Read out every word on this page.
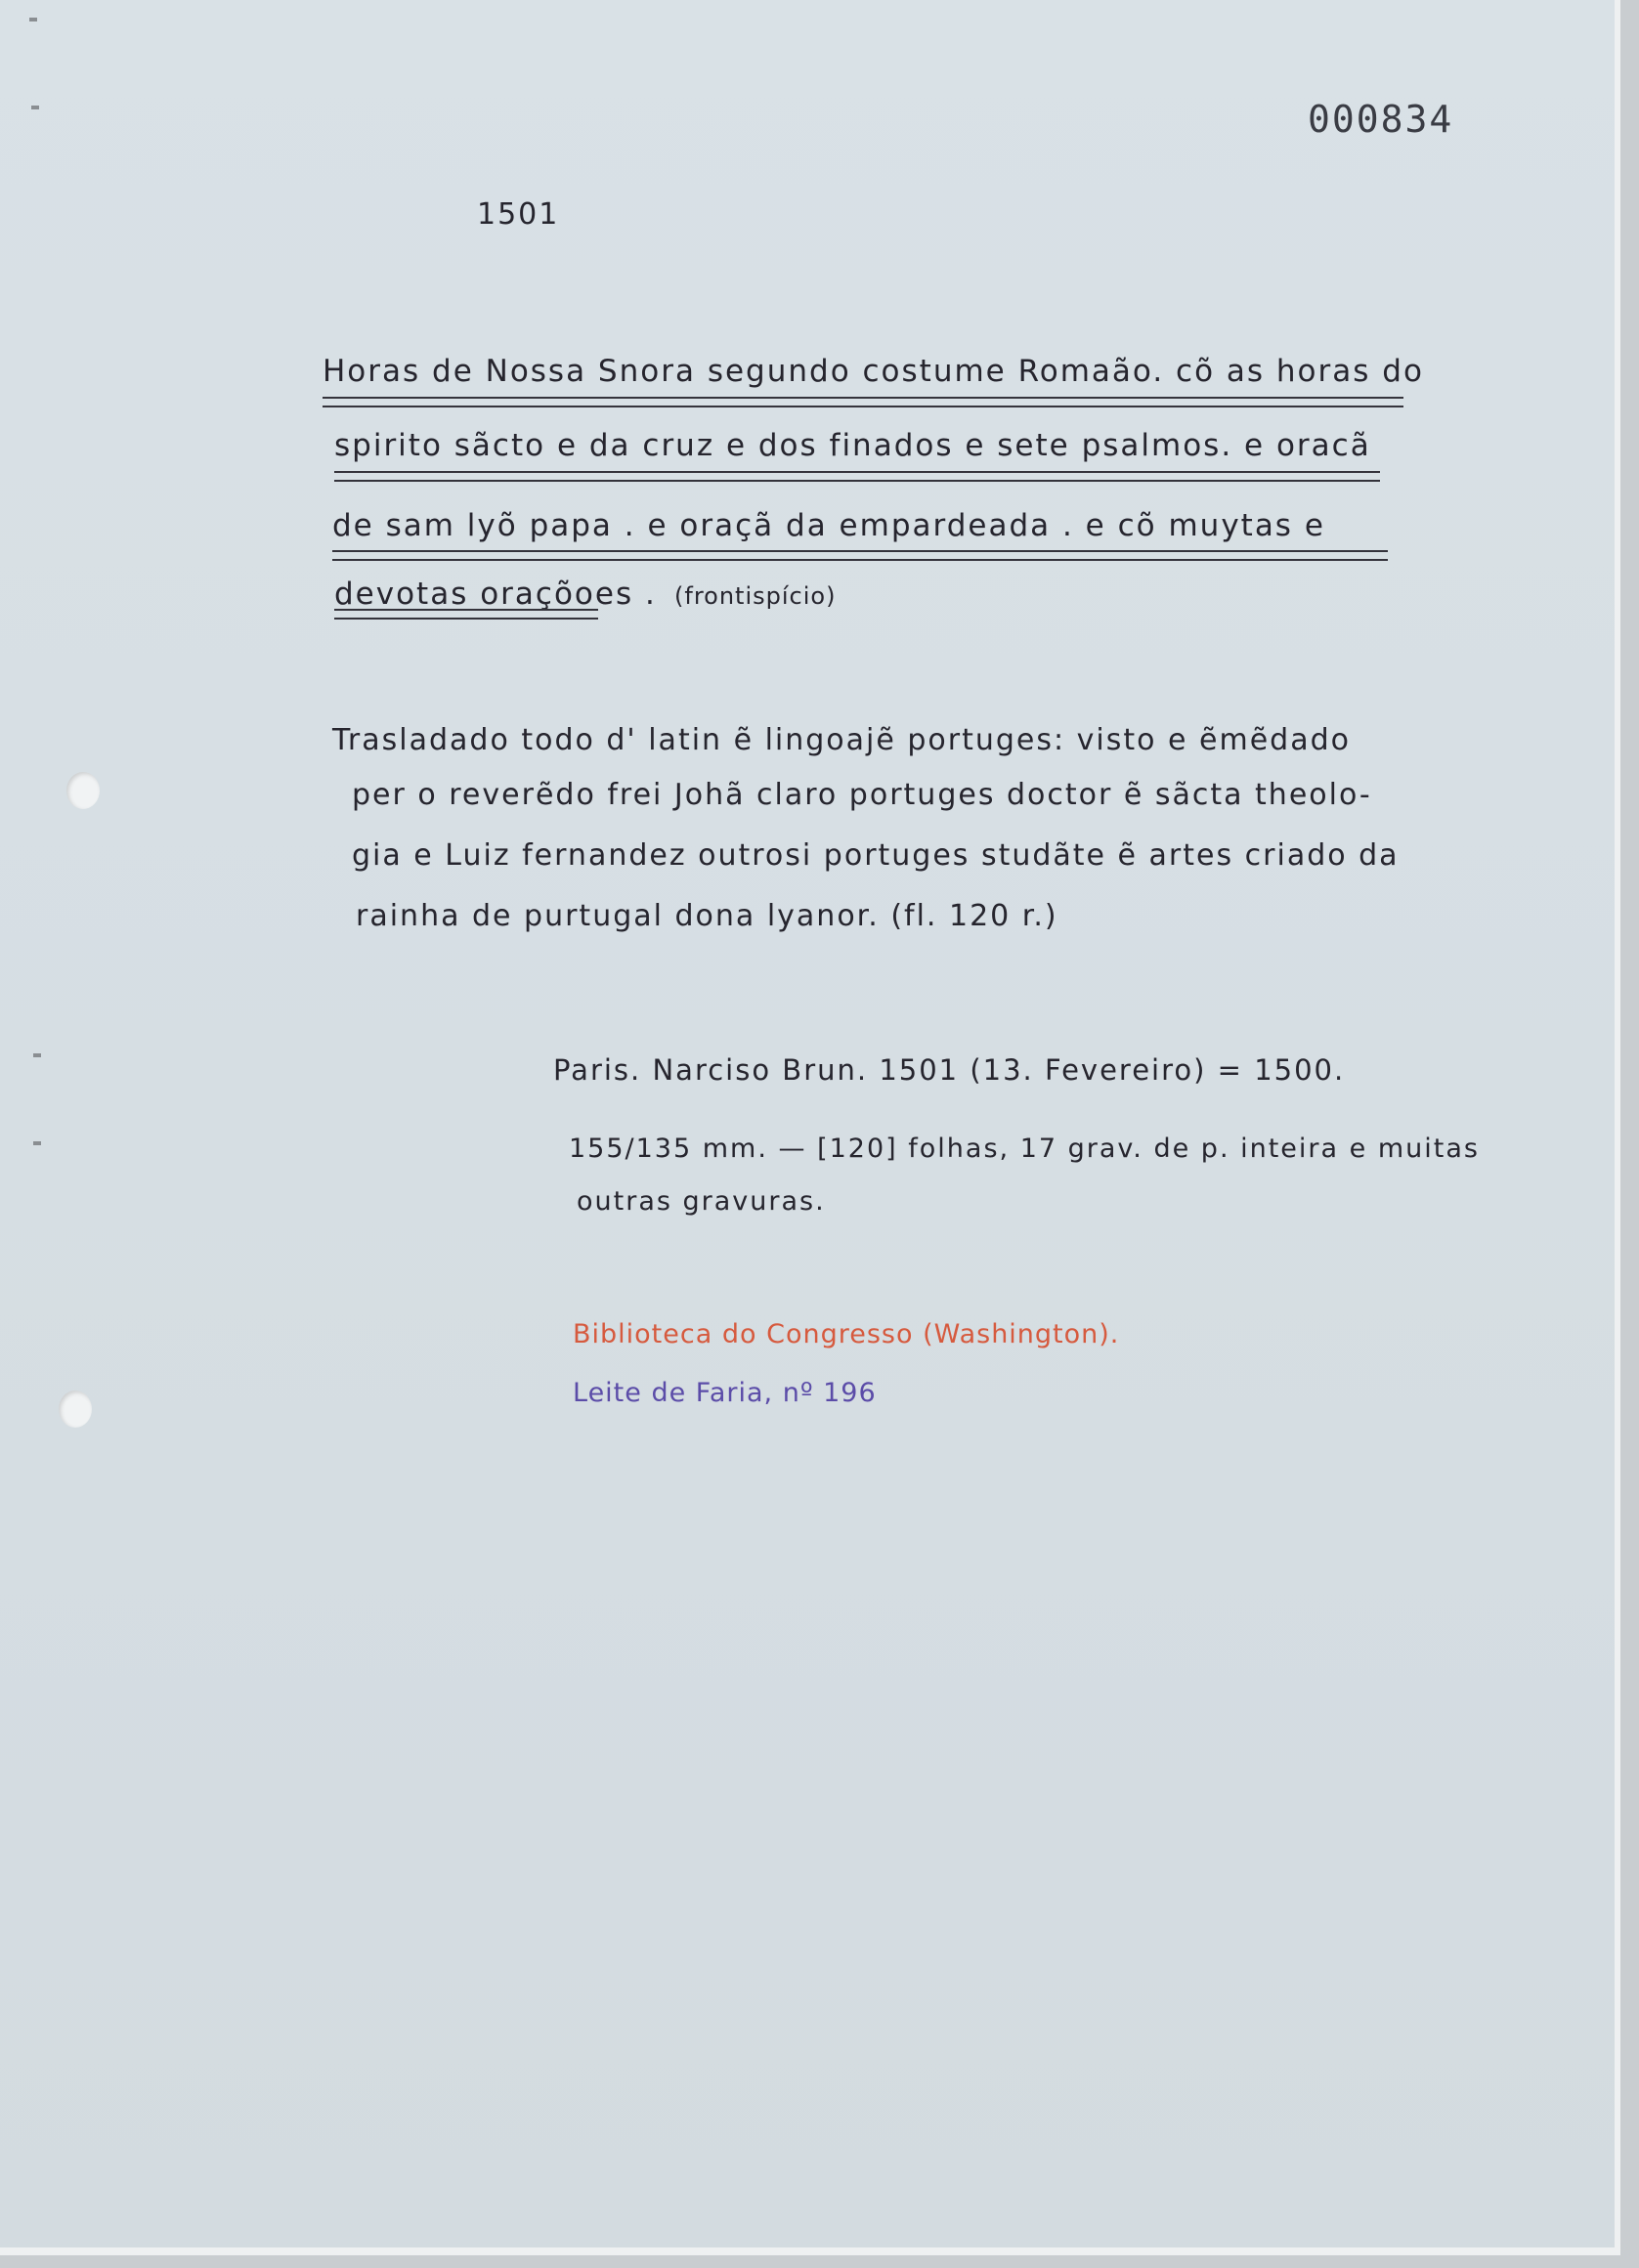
000834
1501
Horas de Nossa Snora segundo costume Romaão. cõ as horas do
spirito sãcto e da cruz e dos finados e sete psalmos. e oracã
de sam lyõ papa . e oraçã da empardeada . e cõ muytas e
devotas oraçõoes . (frontispício)
Trasladado todo d' latin ẽ lingoajẽ portuges: visto e ẽmẽdado
per o reverẽdo frei Johã claro portuges doctor ẽ sãcta theolo-
gia e Luiz fernandez outrosi portuges studãte ẽ artes criado da
rainha de purtugal dona lyanor. (fl. 120 r.)
Paris. Narciso Brun. 1501 (13. Fevereiro) = 1500.
155/135 mm. — [120] folhas, 17 grav. de p. inteira e muitas
outras gravuras.
Biblioteca do Congresso (Washington).
Leite de Faria, nº 196
